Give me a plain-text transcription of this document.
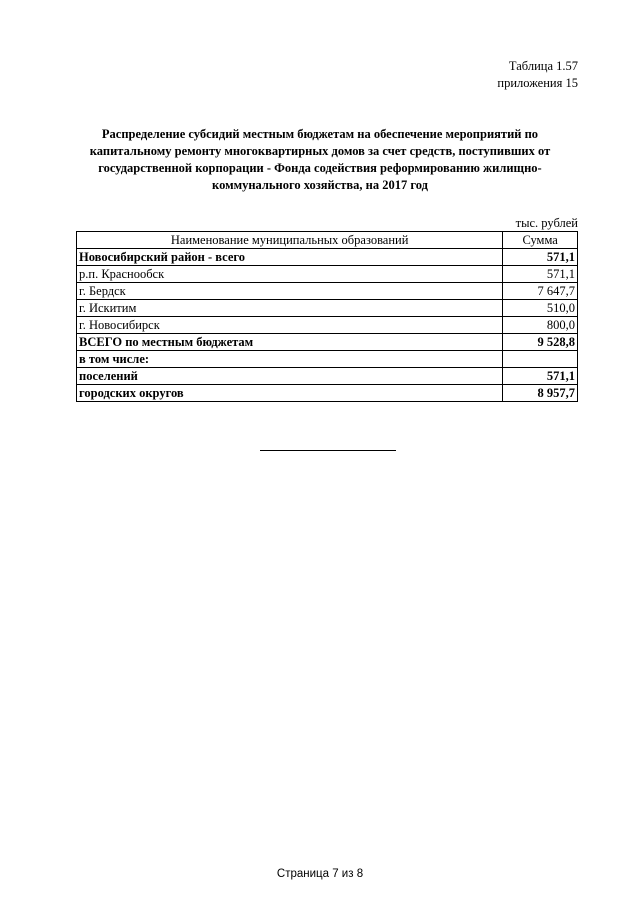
Таблица 1.57
приложения 15
Распределение субсидий местным бюджетам на обеспечение мероприятий по капитальному ремонту многоквартирных домов за счет средств, поступивших от государственной корпорации - Фонда содействия реформированию жилищно-коммунального хозяйства, на 2017 год
тыс. рублей
Наименование муниципальных образований	Сумма
Новосибирский район - всего	571,1
р.п. Краснообск	571,1
г. Бердск	7 647,7
г. Искитим	510,0
г. Новосибирск	800,0
ВСЕГО по местным бюджетам	9 528,8
в том числе:	
поселений	571,1
городских округов	8 957,7
Страница 7 из 8
